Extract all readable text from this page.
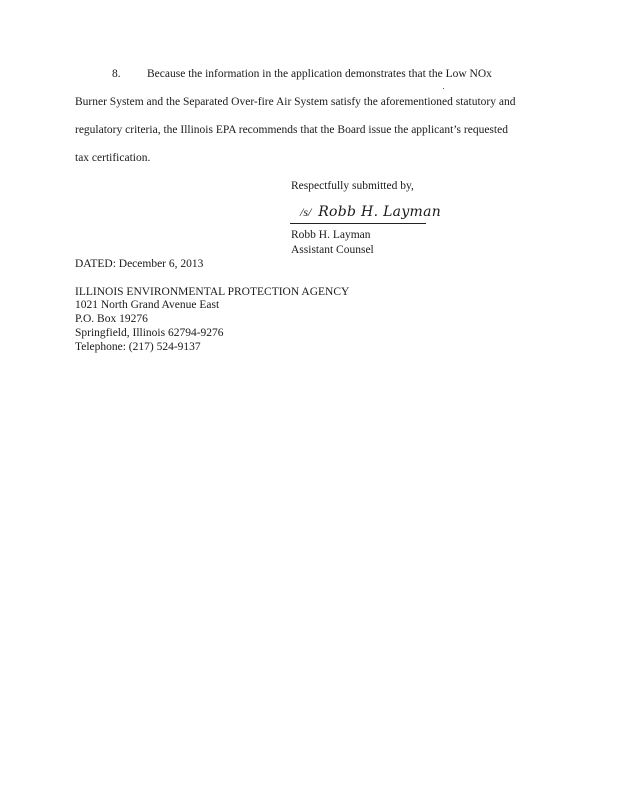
8. Because the information in the application demonstrates that the Low NOx
Burner System and the Separated Over-fire Air System satisfy the aforementioned statutory and
regulatory criteria, the Illinois EPA recommends that the Board issue the applicant’s requested
tax certification.
Respectfully submitted by,
/s/ Robb H. Layman
Robb H. Layman
Assistant Counsel
DATED: December 6, 2013
ILLINOIS ENVIRONMENTAL PROTECTION AGENCY
1021 North Grand Avenue East
P.O. Box 19276
Springfield, Illinois 62794-9276
Telephone: (217) 524-9137
